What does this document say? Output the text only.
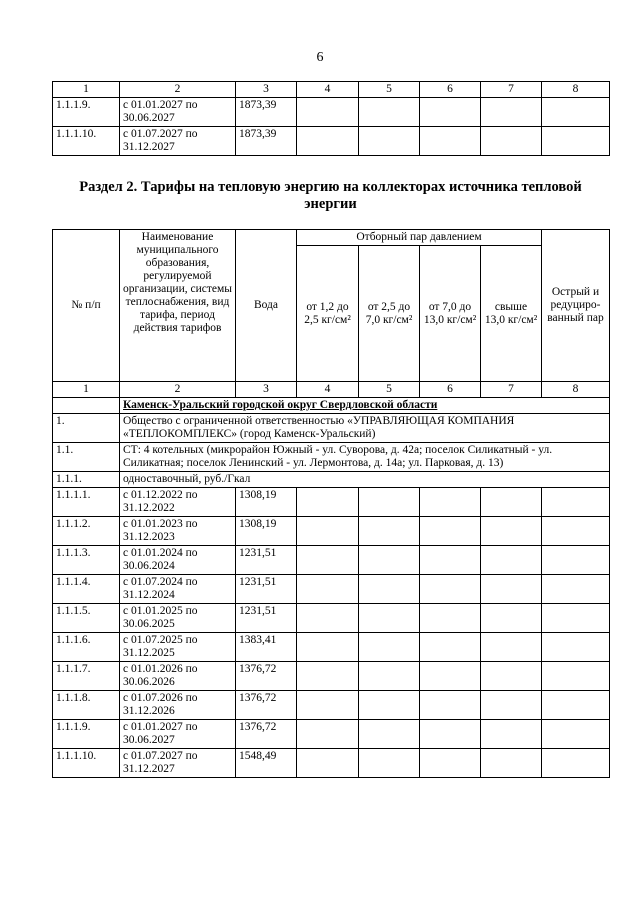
6
1	2	3	4	5	6	7	8
1.1.1.9.	с 01.01.2027 по 30.06.2027	1873,39					
1.1.1.10.	с 01.07.2027 по 31.12.2027	1873,39					
Раздел 2. Тарифы на тепловую энергию на коллекторах источника тепловой энергии
№ п/п	Наименование муниципального образования, регулируемой организации, системы теплоснабжения, вид тарифа, период действия тарифов	Вода	Отборный пар давлением				Острый и редуциро-ванный пар
			от 1,2 до 2,5 кг/см²	от 2,5 до 7,0 кг/см²	от 7,0 до 13,0 кг/см²	свыше 13,0 кг/см²	
1	2	3	4	5	6	7	8
	Каменск-Уральский городской округ Свердловской области						
1.	Общество с ограниченной ответственностью «УПРАВЛЯЮЩАЯ КОМПАНИЯ «ТЕПЛОКОМПЛЕКС» (город Каменск-Уральский)						
1.1.	СТ: 4 котельных (микрорайон Южный - ул. Суворова, д. 42а; поселок Силикатный - ул. Силикатная; поселок Ленинский - ул. Лермонтова, д. 14а; ул. Парковая, д. 13)						
1.1.1.	одноставочный, руб./Гкал						
1.1.1.1.	с 01.12.2022 по 31.12.2022	1308,19					
1.1.1.2.	с 01.01.2023 по 31.12.2023	1308,19					
1.1.1.3.	с 01.01.2024 по 30.06.2024	1231,51					
1.1.1.4.	с 01.07.2024 по 31.12.2024	1231,51					
1.1.1.5.	с 01.01.2025 по 30.06.2025	1231,51					
1.1.1.6.	с 01.07.2025 по 31.12.2025	1383,41					
1.1.1.7.	с 01.01.2026 по 30.06.2026	1376,72					
1.1.1.8.	с 01.07.2026 по 31.12.2026	1376,72					
1.1.1.9.	с 01.01.2027 по 30.06.2027	1376,72					
1.1.1.10.	с 01.07.2027 по 31.12.2027	1548,49					
